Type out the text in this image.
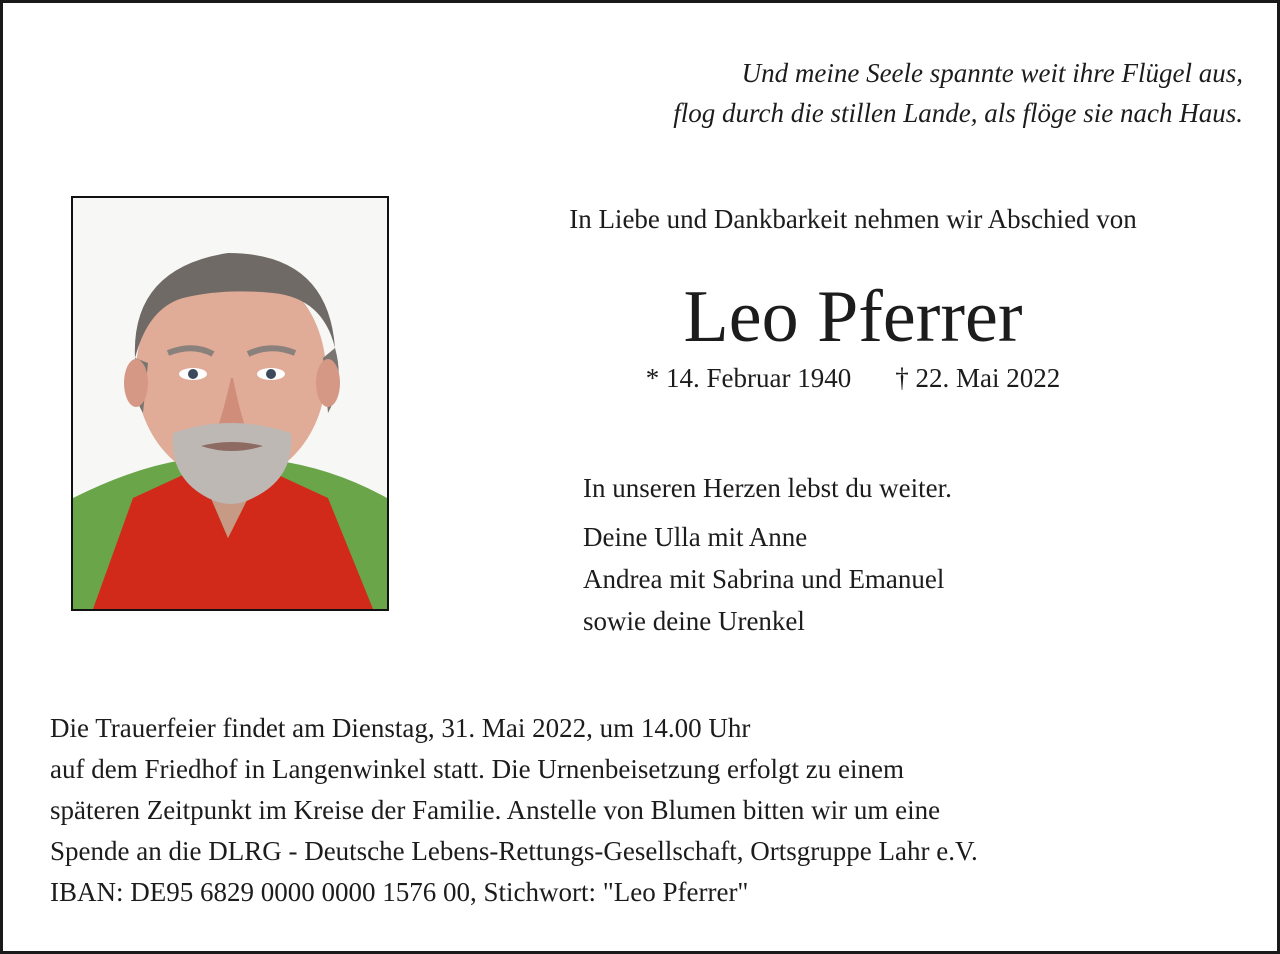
Und meine Seele spannte weit ihre Flügel aus,
flog durch die stillen Lande, als flöge sie nach Haus.
In Liebe und Dankbarkeit nehmen wir Abschied von
Leo Pferrer
* 14. Februar 1940 † 22. Mai 2022
In unseren Herzen lebst du weiter.
Deine Ulla mit Anne
Andrea mit Sabrina und Emanuel
sowie deine Urenkel
Die Trauerfeier findet am Dienstag, 31. Mai 2022, um 14.00 Uhr
auf dem Friedhof in Langenwinkel statt. Die Urnenbeisetzung erfolgt zu einem
späteren Zeitpunkt im Kreise der Familie. Anstelle von Blumen bitten wir um eine
Spende an die DLRG - Deutsche Lebens-Rettungs-Gesellschaft, Ortsgruppe Lahr e.V.
IBAN: DE95 6829 0000 0000 1576 00, Stichwort: "Leo Pferrer"
